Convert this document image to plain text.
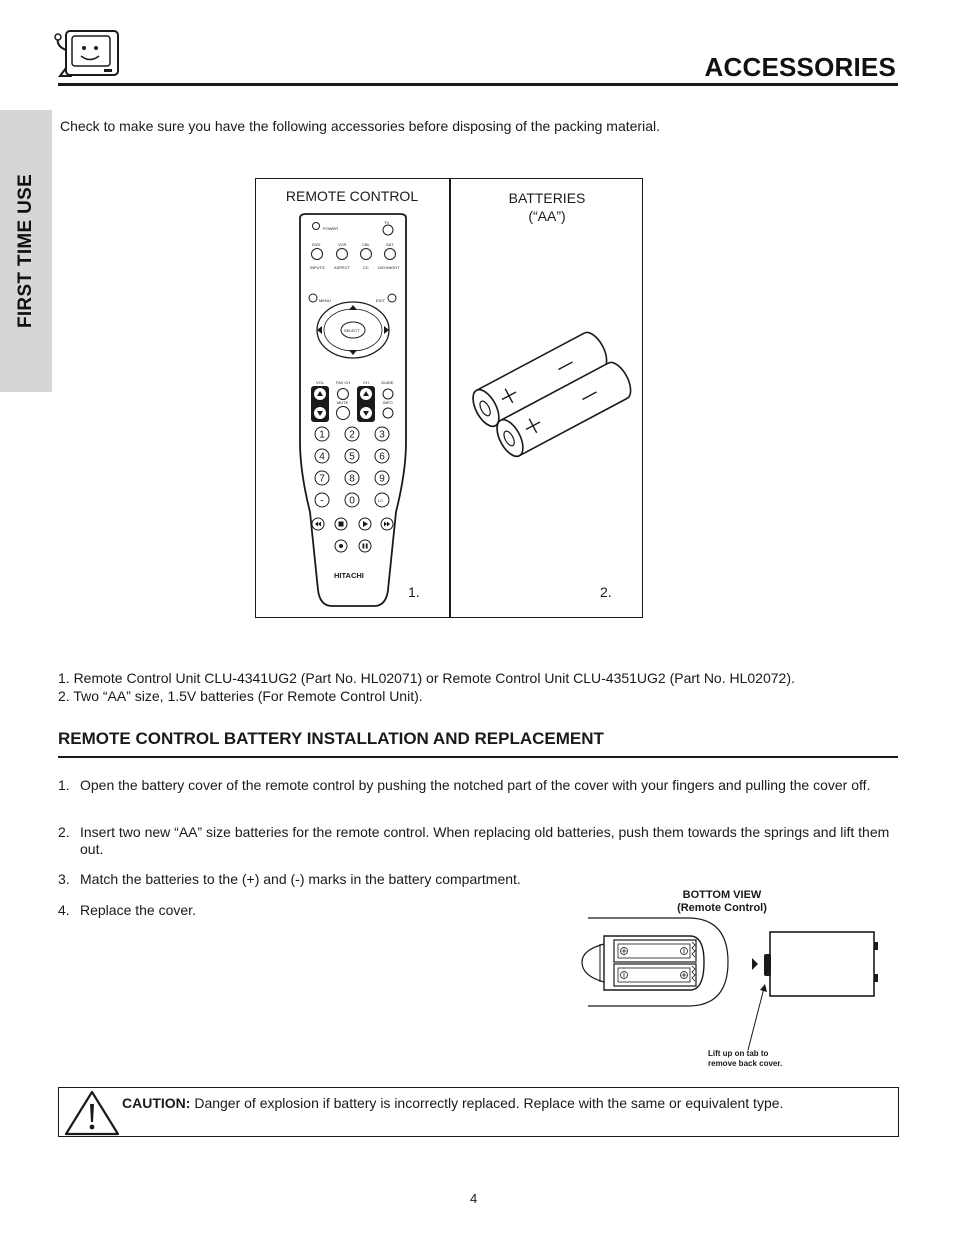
ACCESSORIES
FIRST TIME USE
Check to make sure you have the following accessories before disposing of the packing material.
REMOTE CONTROL	BATTERIES
(“AA”)
1.	2.
POWER
TV
DVD	VCR	CBL	SAT
INPUTS ASPECT	CC DAY/NIGHT
MENU	EXIT
SELECT
VOL	FAV CH	CH	GUIDE
MUTE	INFO
1 2 3
4 5 6
7 8 9
-	0	LC
HITACHI
1. Remote Control Unit CLU-4341UG2 (Part No. HL02071) or Remote Control Unit CLU-4351UG2 (Part No. HL02072).
2. Two “AA” size, 1.5V batteries (For Remote Control Unit).
REMOTE CONTROL BATTERY INSTALLATION AND REPLACEMENT
1. Open the battery cover of the remote control by pushing the notched part of the cover with your fingers and pulling the cover off.
2. Insert two new “AA” size batteries for the remote control. When replacing old batteries, push them towards the springs and lift them out.
3. Match the batteries to the (+) and (-) marks in the battery compartment.
4. Replace the cover.
BOTTOM VIEW
(Remote Control)
Lift up on tab to
remove back cover.
CAUTION: Danger of explosion if battery is incorrectly replaced. Replace with the same or equivalent type.
4
